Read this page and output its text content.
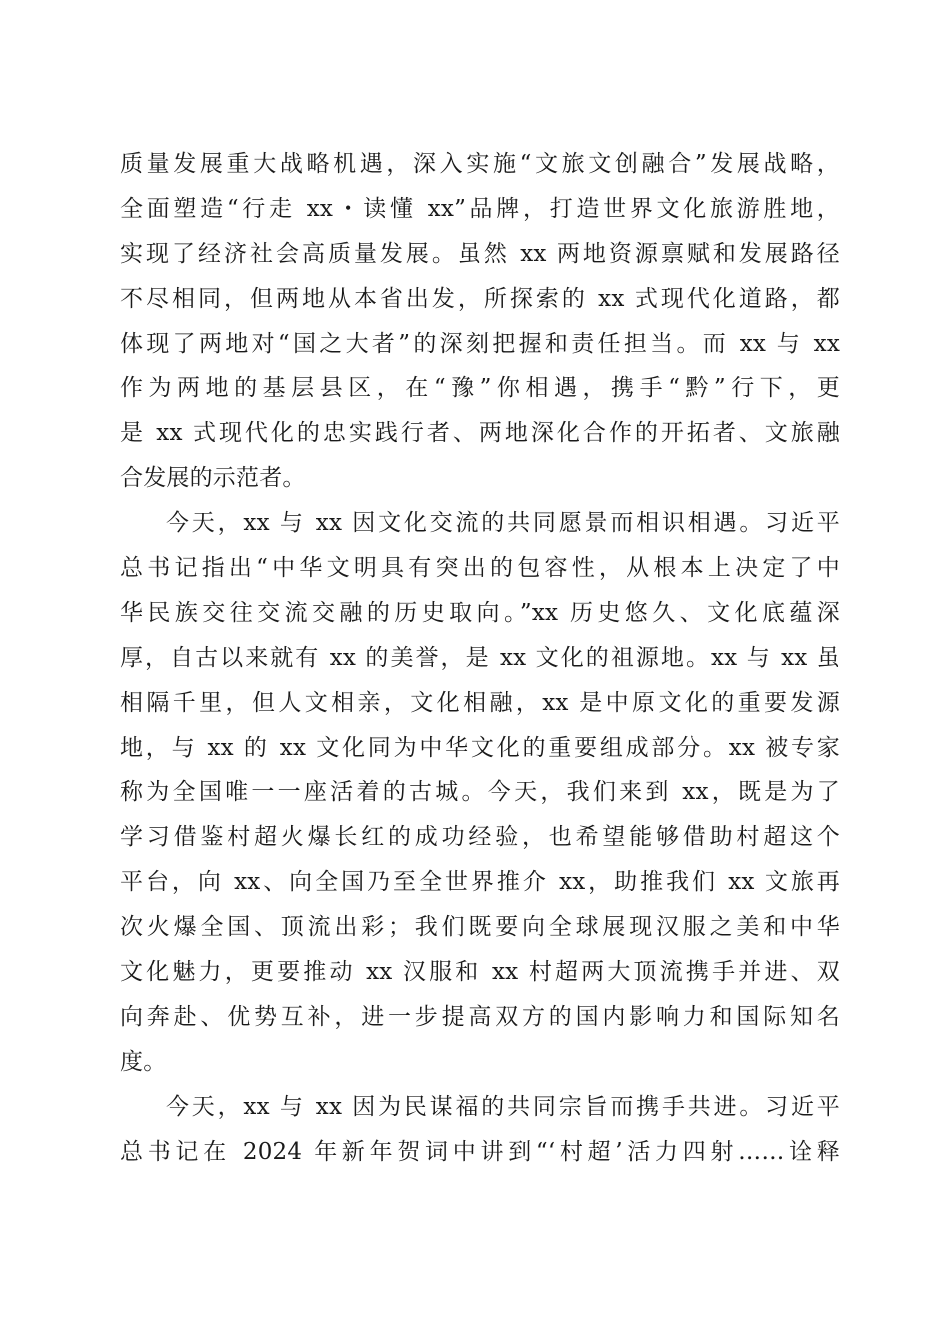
质量发展重大战略机遇，深入实施“文旅文创融合”发展战略，
全面塑造“行走 xx・读懂 xx”品牌，打造世界文化旅游胜地，
实现了经济社会高质量发展。虽然 xx 两地资源禀赋和发展路径
不尽相同，但两地从本省出发，所探索的 xx 式现代化道路，都
体现了两地对“国之大者”的深刻把握和责任担当。而 xx 与 xx
作为两地的基层县区，在“豫”你相遇，携手“黔”行下，更
是 xx 式现代化的忠实践行者、两地深化合作的开拓者、文旅融
合发展的示范者。
今天，xx 与 xx 因文化交流的共同愿景而相识相遇。习近平
总书记指出“中华文明具有突出的包容性，从根本上决定了中
华民族交往交流交融的历史取向。”xx 历史悠久、文化底蕴深
厚，自古以来就有 xx 的美誉，是 xx 文化的祖源地。xx 与 xx 虽
相隔千里，但人文相亲，文化相融，xx 是中原文化的重要发源
地，与 xx 的 xx 文化同为中华文化的重要组成部分。xx 被专家
称为全国唯一一座活着的古城。今天，我们来到 xx，既是为了
学习借鉴村超火爆长红的成功经验，也希望能够借助村超这个
平台，向 xx、向全国乃至全世界推介 xx，助推我们 xx 文旅再
次火爆全国、顶流出彩；我们既要向全球展现汉服之美和中华
文化魅力，更要推动 xx 汉服和 xx 村超两大顶流携手并进、双
向奔赴、优势互补，进一步提高双方的国内影响力和国际知名
度。
今天，xx 与 xx 因为民谋福的共同宗旨而携手共进。习近平
总书记在 2024 年新年贺词中讲到“‘村超’活力四射……诠释
